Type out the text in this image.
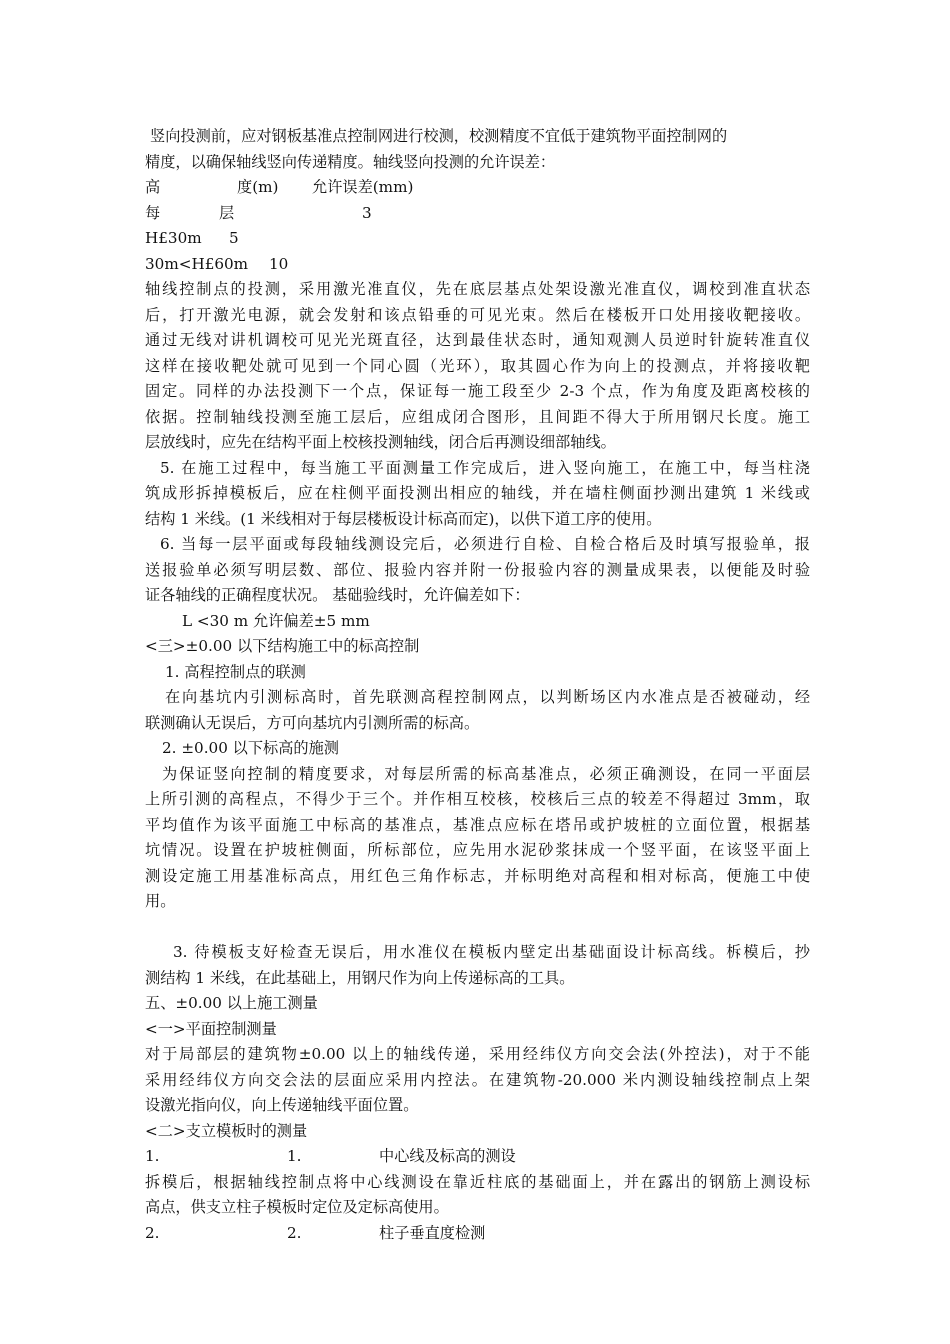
竖向投测前，应对钢板基准点控制网进行校测，校测精度不宜低于建筑物平面控制网的

精度，以确保轴线竖向传递精度。轴线竖向投测的允许误差：

高	度(m) 允许误差(mm)

每	层	3

H£30m 5

30m<H£60m 10

轴线控制点的投测，采用激光准直仪，先在底层基点处架设激光准直仪，调校到准直状态

后，打开激光电源，就会发射和该点铅垂的可见光束。然后在楼板开口处用接收靶接收。

通过无线对讲机调校可见光光斑直径，达到最佳状态时，通知观测人员逆时针旋转准直仪

这样在接收靶处就可见到一个同心圆（光环），取其圆心作为向上的投测点，并将接收靶

固定。同样的办法投测下一个点，保证每一施工段至少 2-3 个点，作为角度及距离校核的

依据。控制轴线投测至施工层后，应组成闭合图形，且间距不得大于所用钢尺长度。施工

层放线时，应先在结构平面上校核投测轴线，闭合后再测设细部轴线。

5. 在施工过程中，每当施工平面测量工作完成后，进入竖向施工，在施工中，每当柱浇

筑成形拆掉模板后，应在柱侧平面投测出相应的轴线，并在墙柱侧面抄测出建筑 1 米线或

结构 1 米线。(1 米线相对于每层楼板设计标高而定)，以供下道工序的使用。

6. 当每一层平面或每段轴线测设完后，必须进行自检、自检合格后及时填写报验单，报

送报验单必须写明层数、部位、报验内容并附一份报验内容的测量成果表，以便能及时验

证各轴线的正确程度状况。 基础验线时，允许偏差如下：

L <30 m 允许偏差±5 mm

<三>±0.00 以下结构施工中的标高控制

1. 高程控制点的联测

在向基坑内引测标高时，首先联测高程控制网点，以判断场区内水准点是否被碰动，经

联测确认无误后，方可向基坑内引测所需的标高。

2. ±0.00 以下标高的施测

为保证竖向控制的精度要求，对每层所需的标高基准点，必须正确测设，在同一平面层

上所引测的高程点，不得少于三个。并作相互校核，校核后三点的较差不得超过 3mm，取

平均值作为该平面施工中标高的基准点，基准点应标在塔吊或护坡桩的立面位置，根据基

坑情况。设置在护坡桩侧面，所标部位，应先用水泥砂浆抹成一个竖平面，在该竖平面上

测设定施工用基准标高点，用红色三角作标志，并标明绝对高程和相对标高，便施工中使

用。

3. 待模板支好检查无误后，用水准仪在模板内壁定出基础面设计标高线。柝模后，抄

测结构 1 米线，在此基础上，用钢尺作为向上传递标高的工具。

五、±0.00 以上施工测量

<一>平面控制测量

对于局部层的建筑物±0.00 以上的轴线传递，采用经纬仪方向交会法(外控法)，对于不能

采用经纬仪方向交会法的层面应采用内控法。在建筑物-20.000 米内测设轴线控制点上架

设激光指向仪，向上传递轴线平面位置。

<二>支立模板时的测量

1.	1.	中心线及标高的测设

拆模后，根据轴线控制点将中心线测设在靠近柱底的基础面上，并在露出的钢筋上测设标

高点，供支立柱子模板时定位及定标高使用。

2.	2.	柱子垂直度检测
